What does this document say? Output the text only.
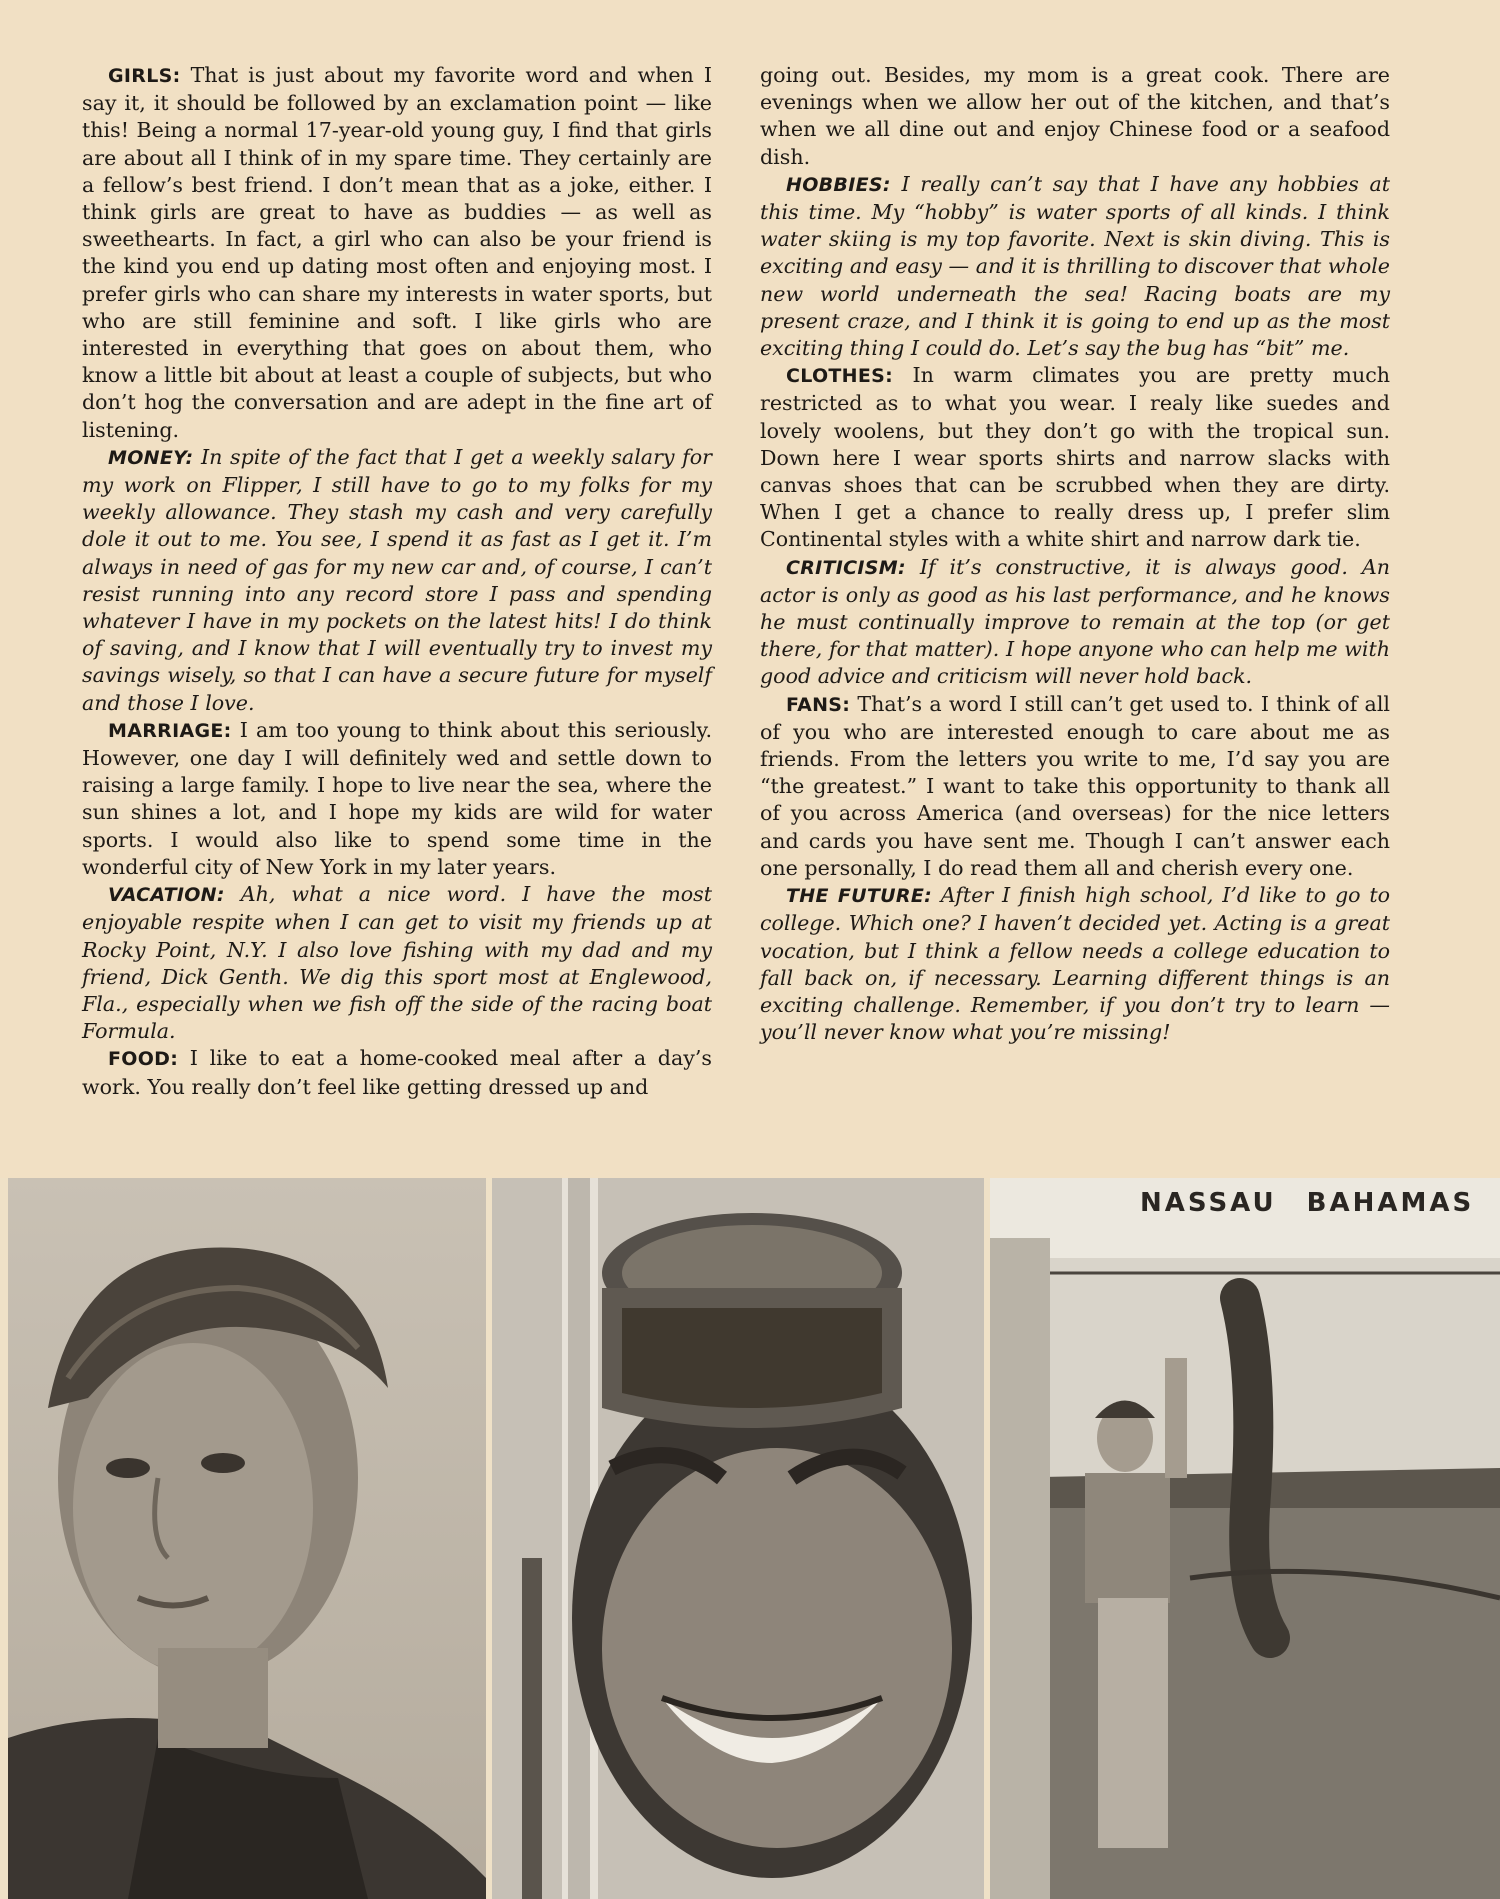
GIRLS: That is just about my favorite word and when I say it, it should be followed by an exclamation point — like this! Being a normal 17-year-old young guy, I find that girls are about all I think of in my spare time. They certainly are a fellow’s best friend. I don’t mean that as a joke, either. I think girls are great to have as buddies — as well as sweethearts. In fact, a girl who can also be your friend is the kind you end up dating most often and enjoying most. I prefer girls who can share my interests in water sports, but who are still feminine and soft. I like girls who are interested in everything that goes on about them, who know a little bit about at least a couple of subjects, but who don’t hog the conversation and are adept in the fine art of listening.

MONEY: In spite of the fact that I get a weekly salary for my work on Flipper, I still have to go to my folks for my weekly allowance. They stash my cash and very carefully dole it out to me. You see, I spend it as fast as I get it. I’m always in need of gas for my new car and, of course, I can’t resist running into any record store I pass and spending whatever I have in my pockets on the latest hits! I do think of saving, and I know that I will eventually try to invest my savings wisely, so that I can have a secure future for myself and those I love.

MARRIAGE: I am too young to think about this seriously. However, one day I will definitely wed and settle down to raising a large family. I hope to live near the sea, where the sun shines a lot, and I hope my kids are wild for water sports. I would also like to spend some time in the wonderful city of New York in my later years.

VACATION: Ah, what a nice word. I have the most enjoyable respite when I can get to visit my friends up at Rocky Point, N.Y. I also love fishing with my dad and my friend, Dick Genth. We dig this sport most at Englewood, Fla., especially when we fish off the side of the racing boat Formula.

FOOD: I like to eat a home-cooked meal after a day’s work. You really don’t feel like getting dressed up and

going out. Besides, my mom is a great cook. There are evenings when we allow her out of the kitchen, and that’s when we all dine out and enjoy Chinese food or a seafood dish.

HOBBIES: I really can’t say that I have any hobbies at this time. My “hobby” is water sports of all kinds. I think water skiing is my top favorite. Next is skin diving. This is exciting and easy — and it is thrilling to discover that whole new world underneath the sea! Racing boats are my present craze, and I think it is going to end up as the most exciting thing I could do. Let’s say the bug has “bit” me.

CLOTHES: In warm climates you are pretty much restricted as to what you wear. I realy like suedes and lovely woolens, but they don’t go with the tropical sun. Down here I wear sports shirts and narrow slacks with canvas shoes that can be scrubbed when they are dirty. When I get a chance to really dress up, I prefer slim Continental styles with a white shirt and narrow dark tie.

CRITICISM: If it’s constructive, it is always good. An actor is only as good as his last performance, and he knows he must continually improve to remain at the top (or get there, for that matter). I hope anyone who can help me with good advice and criticism will never hold back.

FANS: That’s a word I still can’t get used to. I think of all of you who are interested enough to care about me as friends. From the letters you write to me, I’d say you are “the greatest.” I want to take this opportunity to thank all of you across America (and overseas) for the nice letters and cards you have sent me. Though I can’t answer each one personally, I do read them all and cherish every one.

THE FUTURE: After I finish high school, I’d like to go to college. Which one? I haven’t decided yet. Acting is a great vocation, but I think a fellow needs a college education to fall back on, if necessary. Learning different things is an exciting challenge. Remember, if you don’t try to learn — you’ll never know what you’re missing!

NASSAU BAHAMAS
